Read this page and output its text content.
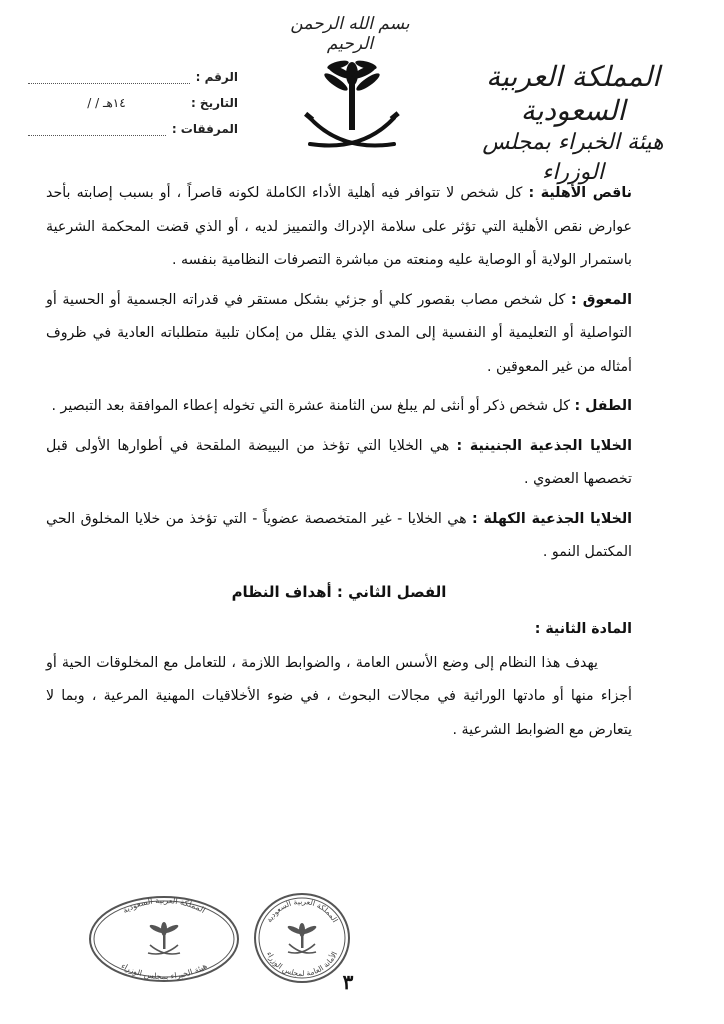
بسم الله الرحمن الرحيم
المملكة العربية السعودية
هيئة الخبراء بمجلس الوزراء
الرقم :
التاريخ :
/ / ١٤هـ
المرفقات :

ناقص الأهلية : كل شخص لا تتوافر فيه أهلية الأداء الكاملة لكونه قاصراً ، أو بسبب إصابته بأحد عوارض نقص الأهلية التي تؤثر على سلامة الإدراك والتمييز لديه ، أو الذي قضت المحكمة الشرعية باستمرار الولاية أو الوصاية عليه ومنعته من مباشرة التصرفات النظامية بنفسه .

المعوق : كل شخص مصاب بقصور كلي أو جزئي بشكل مستقر في قدراته الجسمية أو الحسية أو التواصلية أو التعليمية أو النفسية إلى المدى الذي يقلل من إمكان تلبية متطلباته العادية في ظروف أمثاله من غير المعوقين .

الطفل : كل شخص ذكر أو أنثى لم يبلغ سن الثامنة عشرة التي تخوله إعطاء الموافقة بعد التبصير .

الخلايا الجذعية الجنينية : هي الخلايا التي تؤخذ من البييضة الملقحة في أطوارها الأولى قبل تخصصها العضوي .

الخلايا الجذعية الكهلة : هي الخلايا - غير المتخصصة عضوياً - التي تؤخذ من خلايا المخلوق الحي المكتمل النمو .

الفصل الثاني : أهداف النظام

المادة الثانية :

يهدف هذا النظام إلى وضع الأسس العامة ، والضوابط اللازمة ، للتعامل مع المخلوقات الحية أو أجزاء منها أو مادتها الوراثية في مجالات البحوث ، في ضوء الأخلاقيات المهنية المرعية ، وبما لا يتعارض مع الضوابط الشرعية .

المملكة العربية السعودية
هيئة الخبراء بمجلس الوزراء
المملكة العربية السعودية
الأمانة العامة لمجلس الوزراء
٣
